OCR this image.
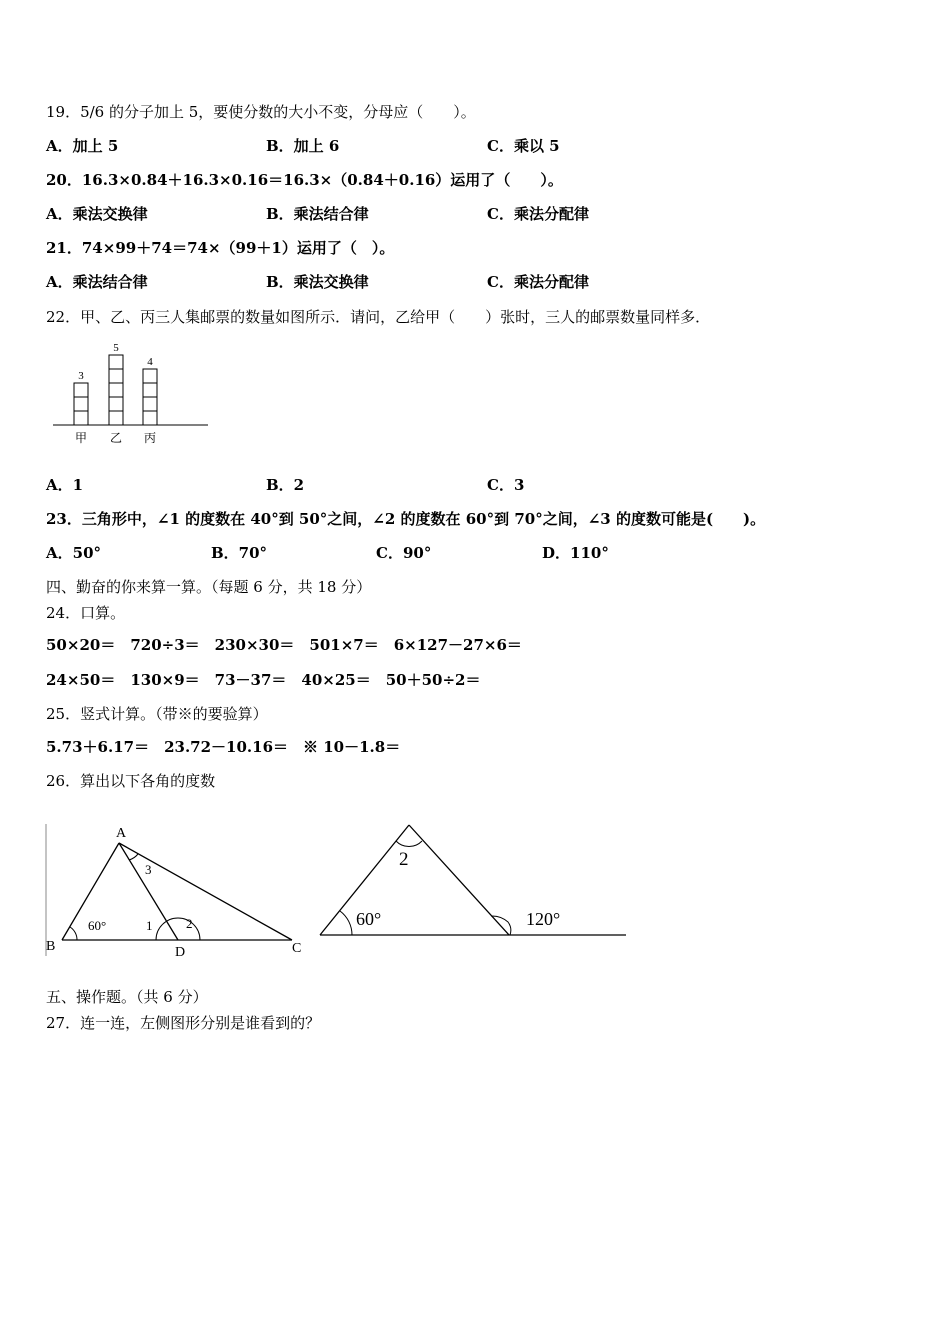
19．5/6 的分子加上 5，要使分数的大小不变，分母应（　　）。
A．加上 5	B．加上 6	C．乘以 5
20．16.3×0.84＋16.3×0.16＝16.3×（0.84＋0.16）运用了（　　）。
A．乘法交换律	B．乘法结合律	C．乘法分配律
21．74×99＋74＝74×（99＋1）运用了（　）。
A．乘法结合律	B．乘法交换律	C．乘法分配律
22．甲、乙、丙三人集邮票的数量如图所示．请问，乙给甲（　　）张时，三人的邮票数量同样多．
3
甲
5
乙
4
丙
A．1	B．2	C．3
23．三角形中，∠1 的度数在 40°到 50°之间，∠2 的度数在 60°到 70°之间，∠3 的度数可能是(　　)。
A．50°	B．70°	C．90°	D．110°
四、勤奋的你来算一算。（每题 6 分，共 18 分）
24．口算。
50×20＝　720÷3＝　230×30＝　501×7＝　6×127－27×6＝
24×50＝　130×9＝　73－37＝　40×25＝　50＋50÷2＝
25．竖式计算。（带※的要验算）
5.73＋6.17＝　23.72－10.16＝　※ 10－1.8＝
26．算出以下各角的度数
A
B	C
D
60°	1	2
3	2
60°	120°
五、操作题。（共 6 分）
27．连一连，左侧图形分别是谁看到的？
